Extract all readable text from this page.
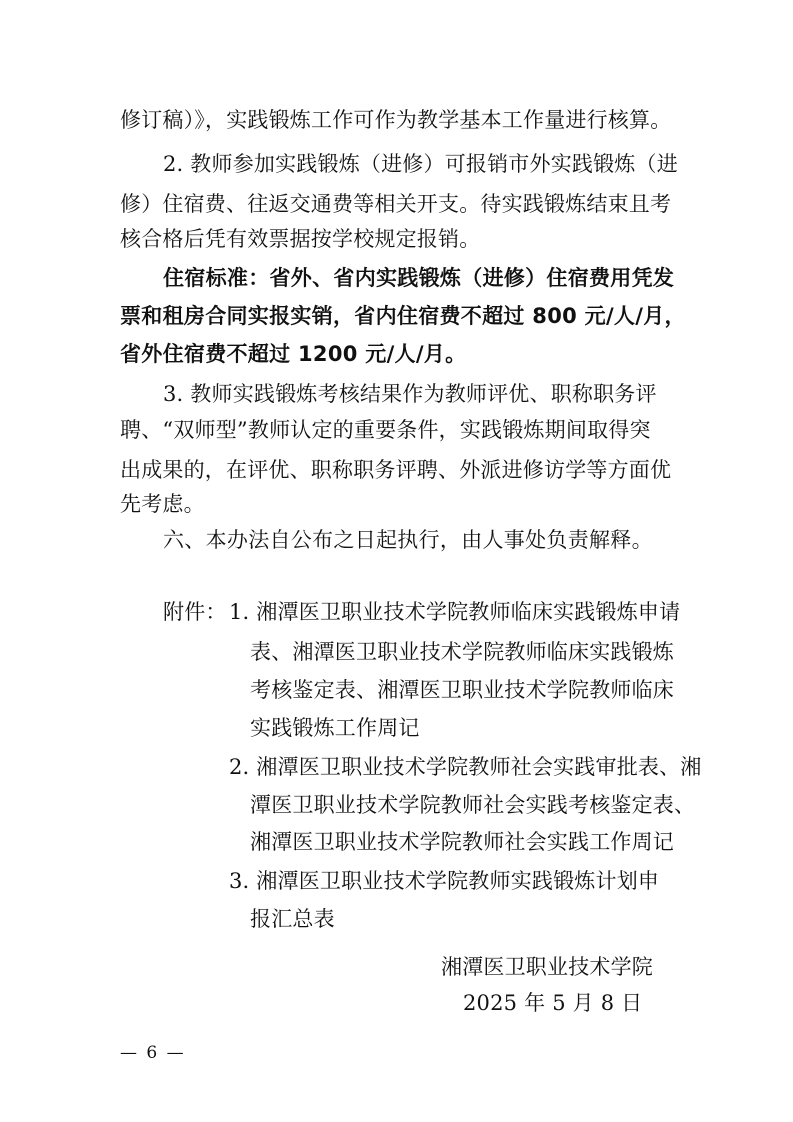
修订稿）》，实践锻炼工作可作为教学基本工作量进行核算。
2. 教师参加实践锻炼（进修）可报销市外实践锻炼（进
修）住宿费、往返交通费等相关开支。待实践锻炼结束且考
核合格后凭有效票据按学校规定报销。
住宿标准：省外、省内实践锻炼（进修）住宿费用凭发
票和租房合同实报实销，省内住宿费不超过 800 元/人/月，
省外住宿费不超过 1200 元/人/月。
3. 教师实践锻炼考核结果作为教师评优、职称职务评
聘、“双师型”教师认定的重要条件，实践锻炼期间取得突
出成果的，在评优、职称职务评聘、外派进修访学等方面优
先考虑。
六、本办法自公布之日起执行，由人事处负责解释。
附件： 1. 湘潭医卫职业技术学院教师临床实践锻炼申请
表、湘潭医卫职业技术学院教师临床实践锻炼
考核鉴定表、湘潭医卫职业技术学院教师临床
实践锻炼工作周记
2. 湘潭医卫职业技术学院教师社会实践审批表、湘
潭医卫职业技术学院教师社会实践考核鉴定表、
湘潭医卫职业技术学院教师社会实践工作周记
3. 湘潭医卫职业技术学院教师实践锻炼计划申
报汇总表
湘潭医卫职业技术学院
2025 年 5 月 8 日
— 6 —
